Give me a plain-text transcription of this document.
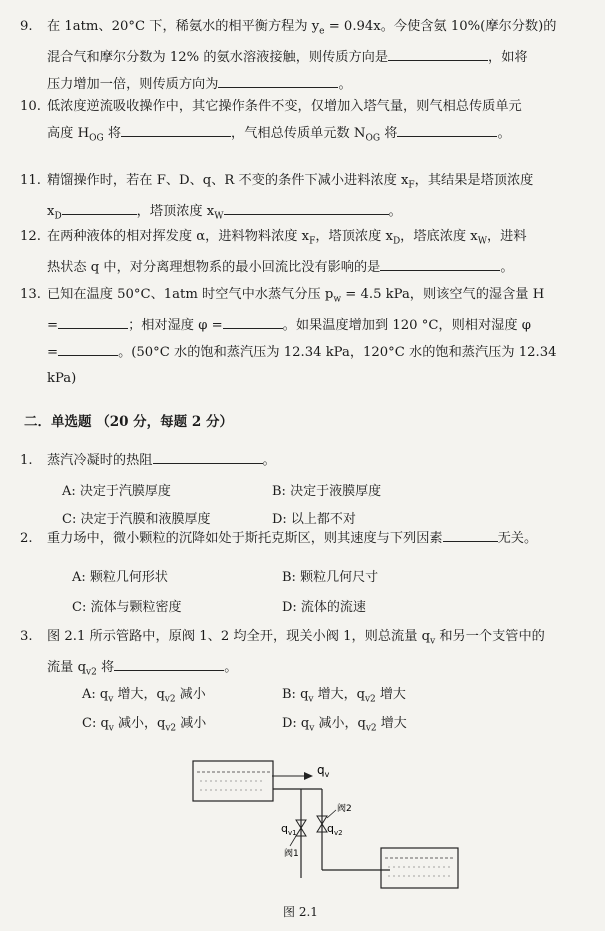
9. 在 1atm、20°C 下，稀氨水的相平衡方程为 $y_e = 0.94x$。今使含氨 10%(摩尔分数)的
混合气和摩尔分数为 12% 的氨水溶液接触，则传质方向是	，如将
压力增加一倍，则传质方向为	。
10. 低浓度逆流吸收操作中，其它操作条件不变，仅增加入塔气量，则气相总传质单元
高度 $H_{OG}$ 将	，气相总传质单元数 $N_{OG}$ 将	。
11. 精馏操作时，若在 F、D、q、R 不变的条件下减小进料浓度 $x_F$，其结果是塔顶浓度
$x_D$	，塔顶浓度 $x_W$	。
12. 在两种液体的相对挥发度 α，进料物料浓度 $x_F$，塔顶浓度 $x_D$，塔底浓度 $x_W$，进料
热状态 q 中，对分离理想物系的最小回流比没有影响的是	。
13. 已知在温度 50°C、1atm 时空气中水蒸气分压 $p_w = 4.5$ kPa，则该空气的湿含量 H
=	；相对湿度 φ =	。如果温度增加到 120 °C，则相对湿度 φ
=	。(50°C 水的饱和蒸汽压为 12.34 kPa，120°C 水的饱和蒸汽压为 12.34
kPa)
二．单选题 （20 分，每题 2 分）
1. 蒸汽冷凝时的热阻	。
A: 决定于汽膜厚度	B: 决定于液膜厚度
C: 决定于汽膜和液膜厚度	D: 以上都不对
2. 重力场中，微小颗粒的沉降如处于斯托克斯区，则其速度与下列因素	无关。
A: 颗粒几何形状	B: 颗粒几何尺寸
C: 流体与颗粒密度	D: 流体的流速
3. 图 2.1 所示管路中，原阀 1、2 均全开，现关小阀 1，则总流量 $q_v$ 和另一个支管中的
流量 $q_{v2}$ 将	。
A: $q_v$ 增大，$q_{v2}$ 减小	B: $q_v$ 增大，$q_{v2}$ 增大
C: $q_v$ 减小，$q_{v2}$ 减小	D: $q_v$ 减小，$q_{v2}$ 增大
$q_v$
$q_{v1}$	$q_{v2}$
阀2
阀1
图 2.1
